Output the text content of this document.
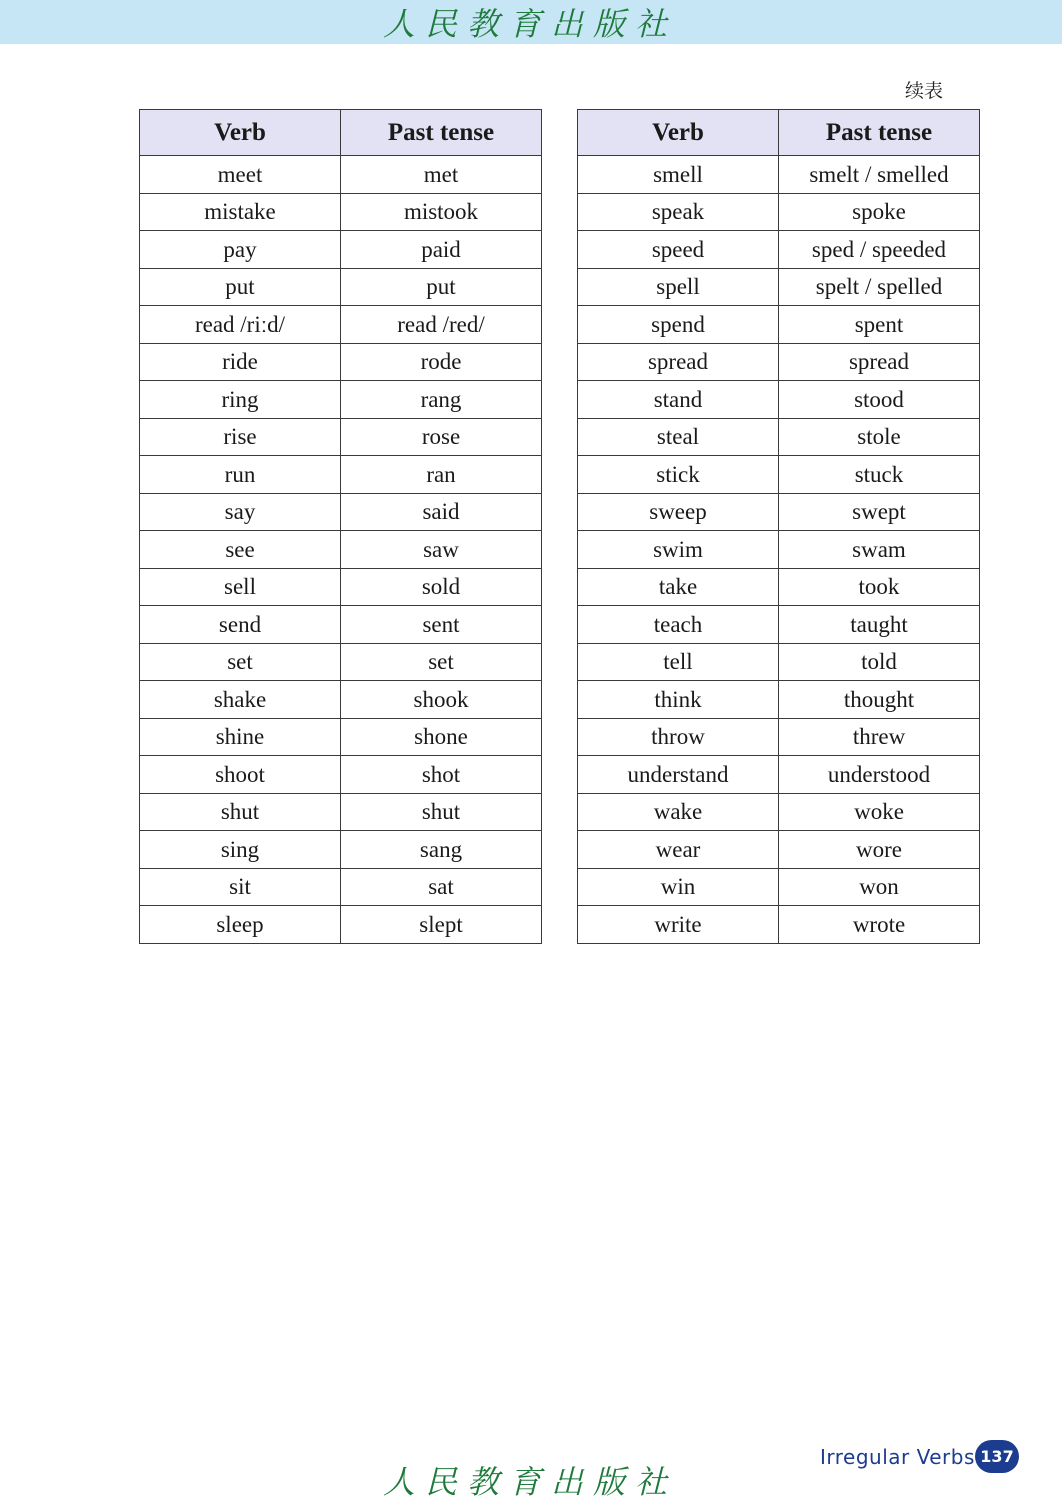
人民教育出版社
续表
Verb	Past tense
meet	met
mistake	mistook
pay	paid
put	put
read /riːd/	read /red/
ride	rode
ring	rang
rise	rose
run	ran
say	said
see	saw
sell	sold
send	sent
set	set
shake	shook
shine	shone
shoot	shot
shut	shut
sing	sang
sit	sat
sleep	slept
Verb	Past tense
smell	smelt / smelled
speak	spoke
speed	sped / speeded
spell	spelt / spelled
spend	spent
spread	spread
stand	stood
steal	stole
stick	stuck
sweep	swept
swim	swam
take	took
teach	taught
tell	told
think	thought
throw	threw
understand	understood
wake	woke
wear	wore
win	won
write	wrote
人民教育出版社
Irregular Verbs 137
